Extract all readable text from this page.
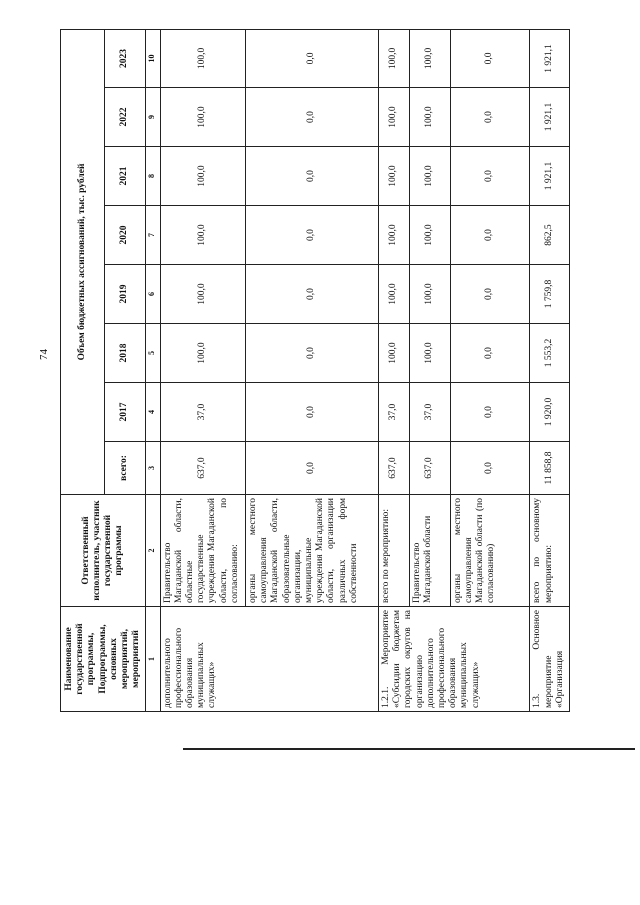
74
Наименование государственной программы, Подпрограммы, основных мероприятий, мероприятий	Ответственный исполнитель, участник государственной программы	Объем бюджетных ассигнований, тыс. рублей							
		всего:	2017	2018	2019	2020	2021	2022	2023
1	2	3	4	5	6	7	8	9	10
дополнительного профессионального образования муниципальных служащих»	Правительство Магаданской области, областные государственные учреждения Магаданской области, по согласованию:	637,0	37,0	100,0	100,0	100,0	100,0	100,0	100,0
	органы местного самоуправления Магаданской области, образовательные организации, муниципальные учреждения Магаданской области, организации различных форм собственности	0,0	0,0	0,0	0,0	0,0	0,0	0,0	0,0
1.2.1. Мероприятие «Субсидии бюджетам городских округов на организацию дополнительного профессионального образования муниципальных служащих»	всего по мероприятию:	637,0	37,0	100,0	100,0	100,0	100,0	100,0	100,0
	Правительство Магаданской области	637,0	37,0	100,0	100,0	100,0	100,0	100,0	100,0
	органы местного самоуправления Магаданской области (по согласованию)	0,0	0,0	0,0	0,0	0,0	0,0	0,0	0,0
1.3. Основное мероприятие «Организация	всего по основному мероприятию:	11 858,8	1 920,0	1 553,2	1 759,8	862,5	1 921,1	1 921,1	1 921,1
